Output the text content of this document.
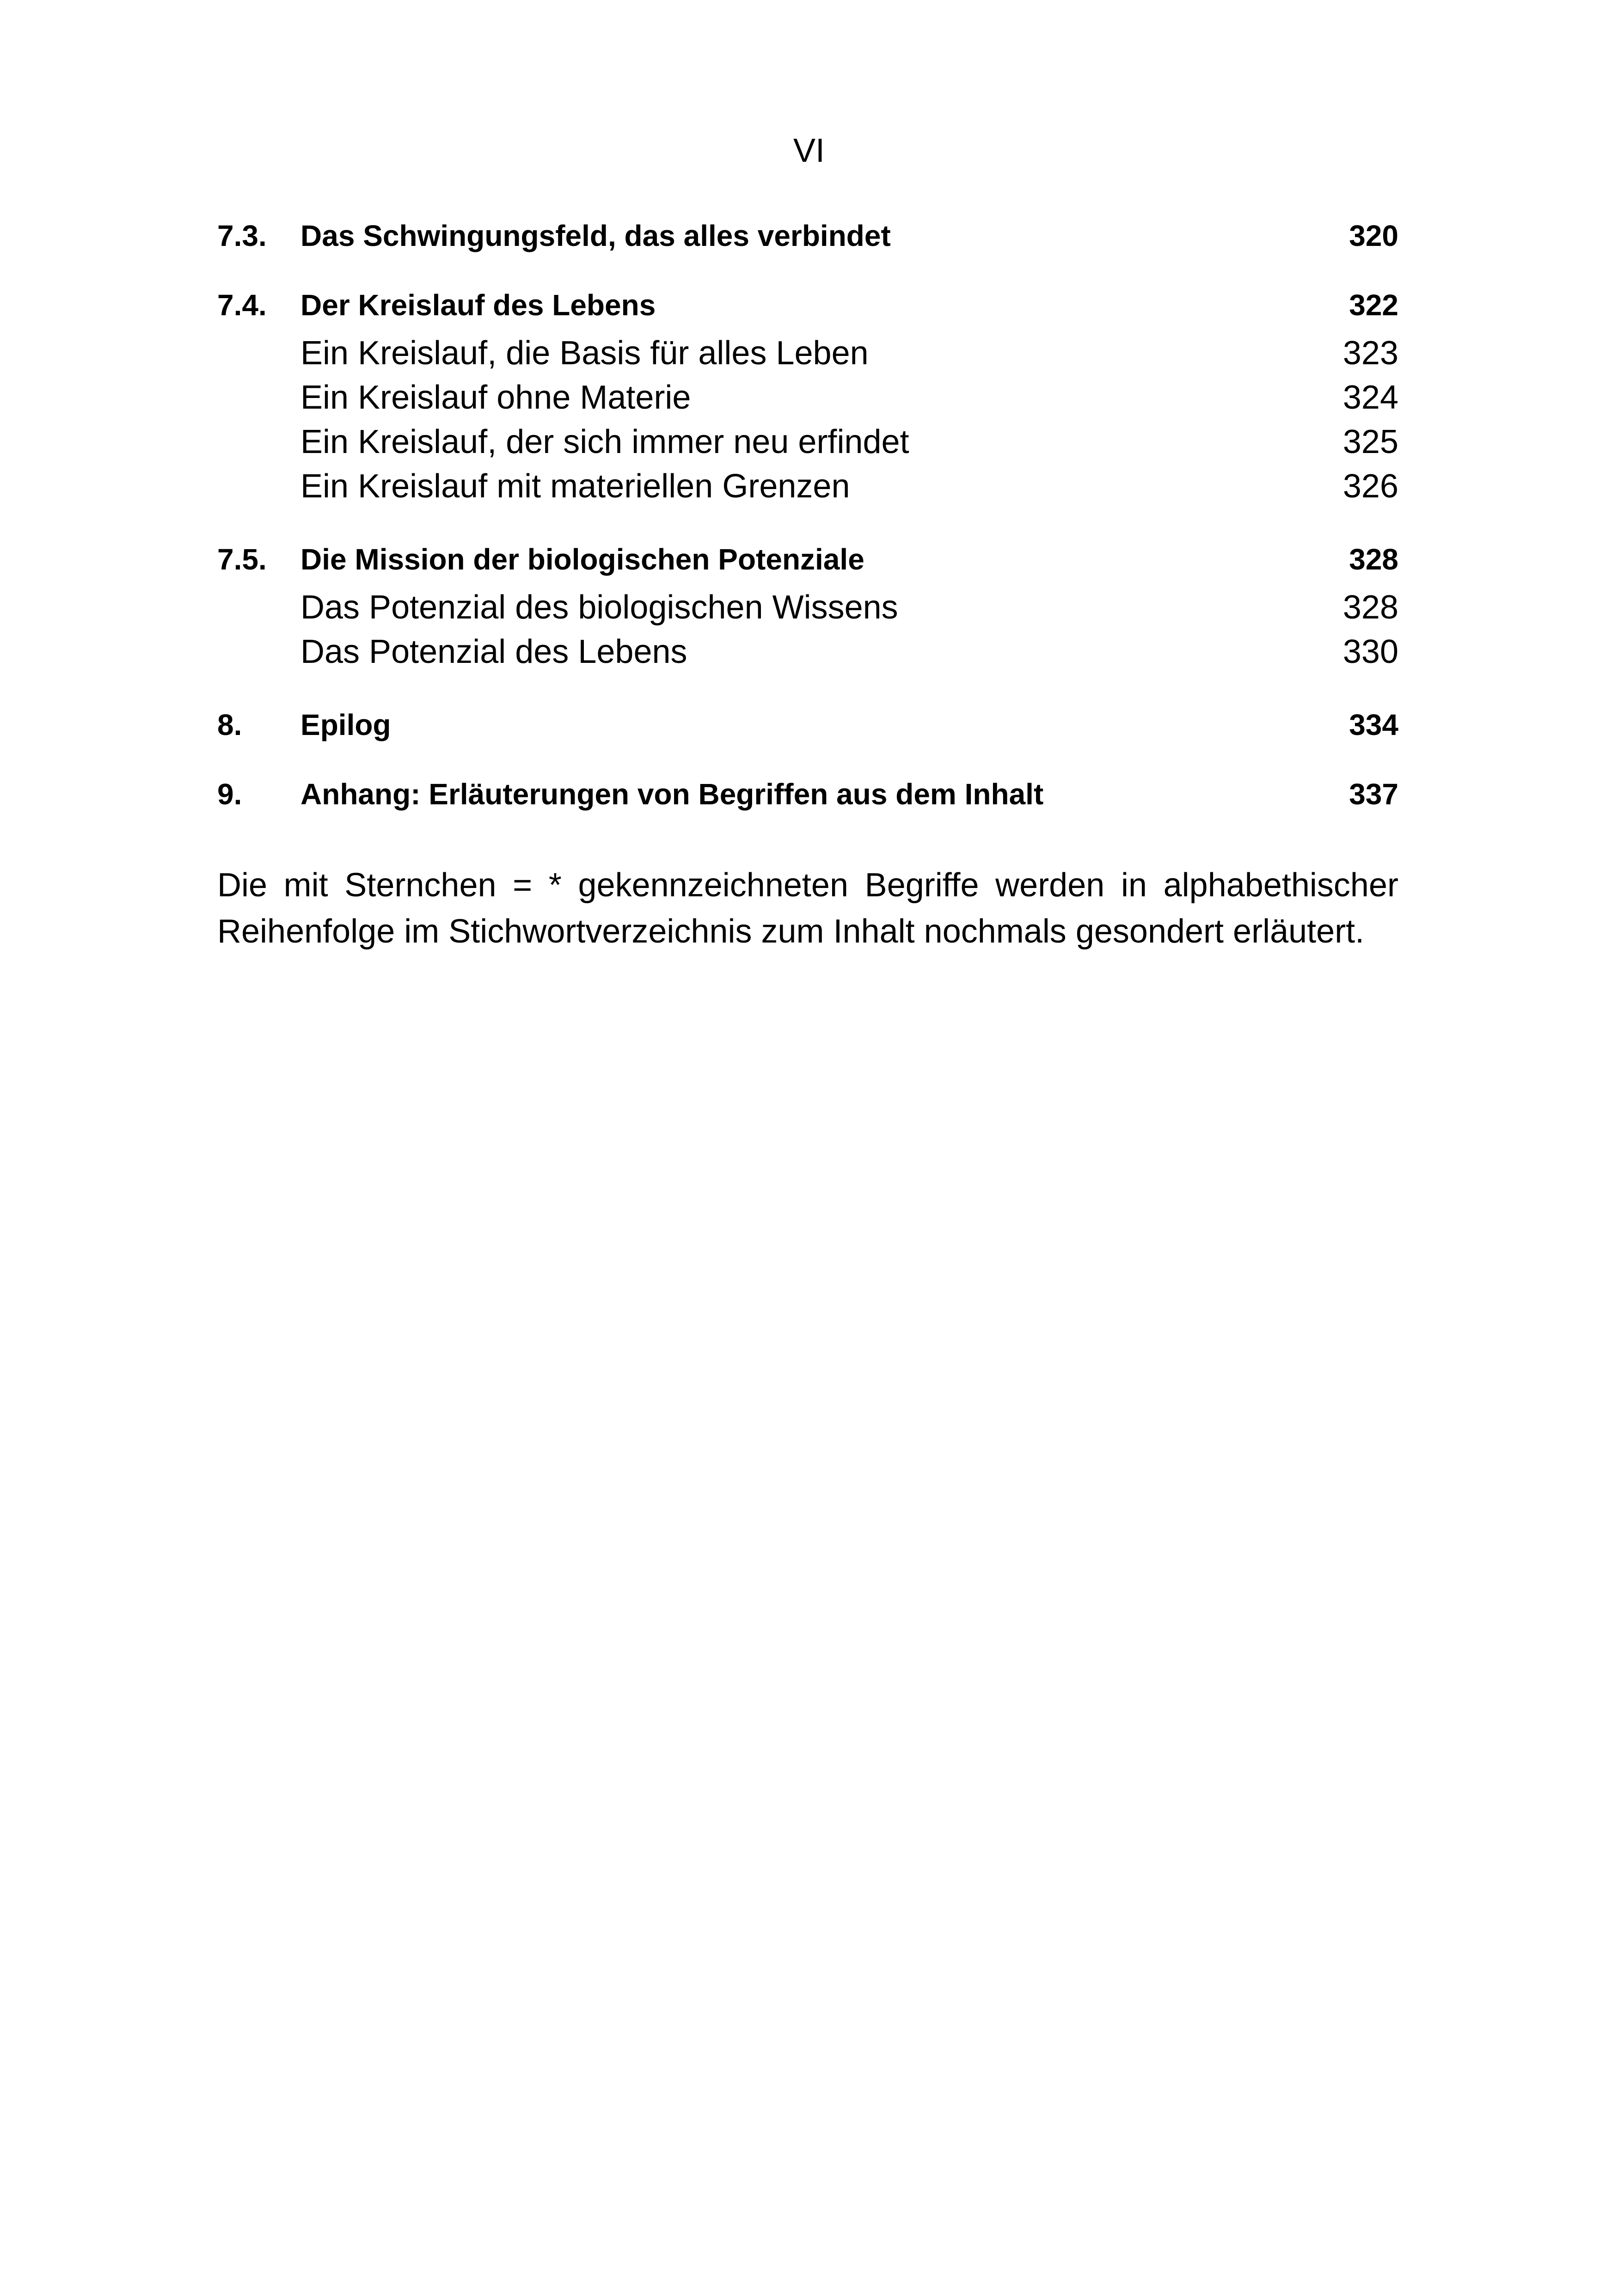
VI
7.3. Das Schwingungsfeld, das alles verbindet	320
7.4. Der Kreislauf des Lebens	322
Ein Kreislauf, die Basis für alles Leben	323
Ein Kreislauf ohne Materie	324
Ein Kreislauf, der sich immer neu erfindet	325
Ein Kreislauf mit materiellen Grenzen	326
7.5. Die Mission der biologischen Potenziale	328
Das Potenzial des biologischen Wissens	328
Das Potenzial des Lebens	330
8. Epilog	334
9. Anhang: Erläuterungen von Begriffen aus dem Inhalt	337

Die mit Sternchen = * gekennzeichneten Begriffe werden in alphabethischer Reihenfolge im Stichwortverzeichnis zum Inhalt nochmals gesondert erläutert.
